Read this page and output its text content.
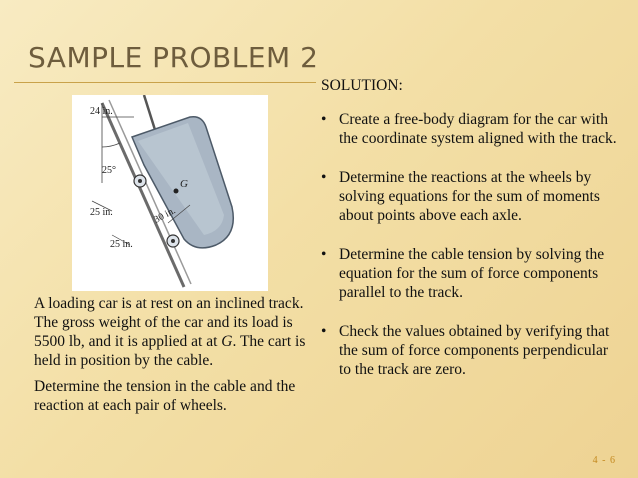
SAMPLE PROBLEM 2
24 in.
25°
25 in.	30 in.
25 in.
G

A loading car is at rest on an inclined track. The gross weight of the car and its load is 5500 lb, and it is applied at at G. The cart is held in position by the cable.

Determine the tension in the cable and the reaction at each pair of wheels.

SOLUTION:
• Create a free-body diagram for the car with the coordinate system aligned with the track.
• Determine the reactions at the wheels by solving equations for the sum of moments about points above each axle.
• Determine the cable tension by solving the equation for the sum of force components parallel to the track.
• Check the values obtained by verifying that the sum of force components perpendicular to the track are zero.
4 - 6
